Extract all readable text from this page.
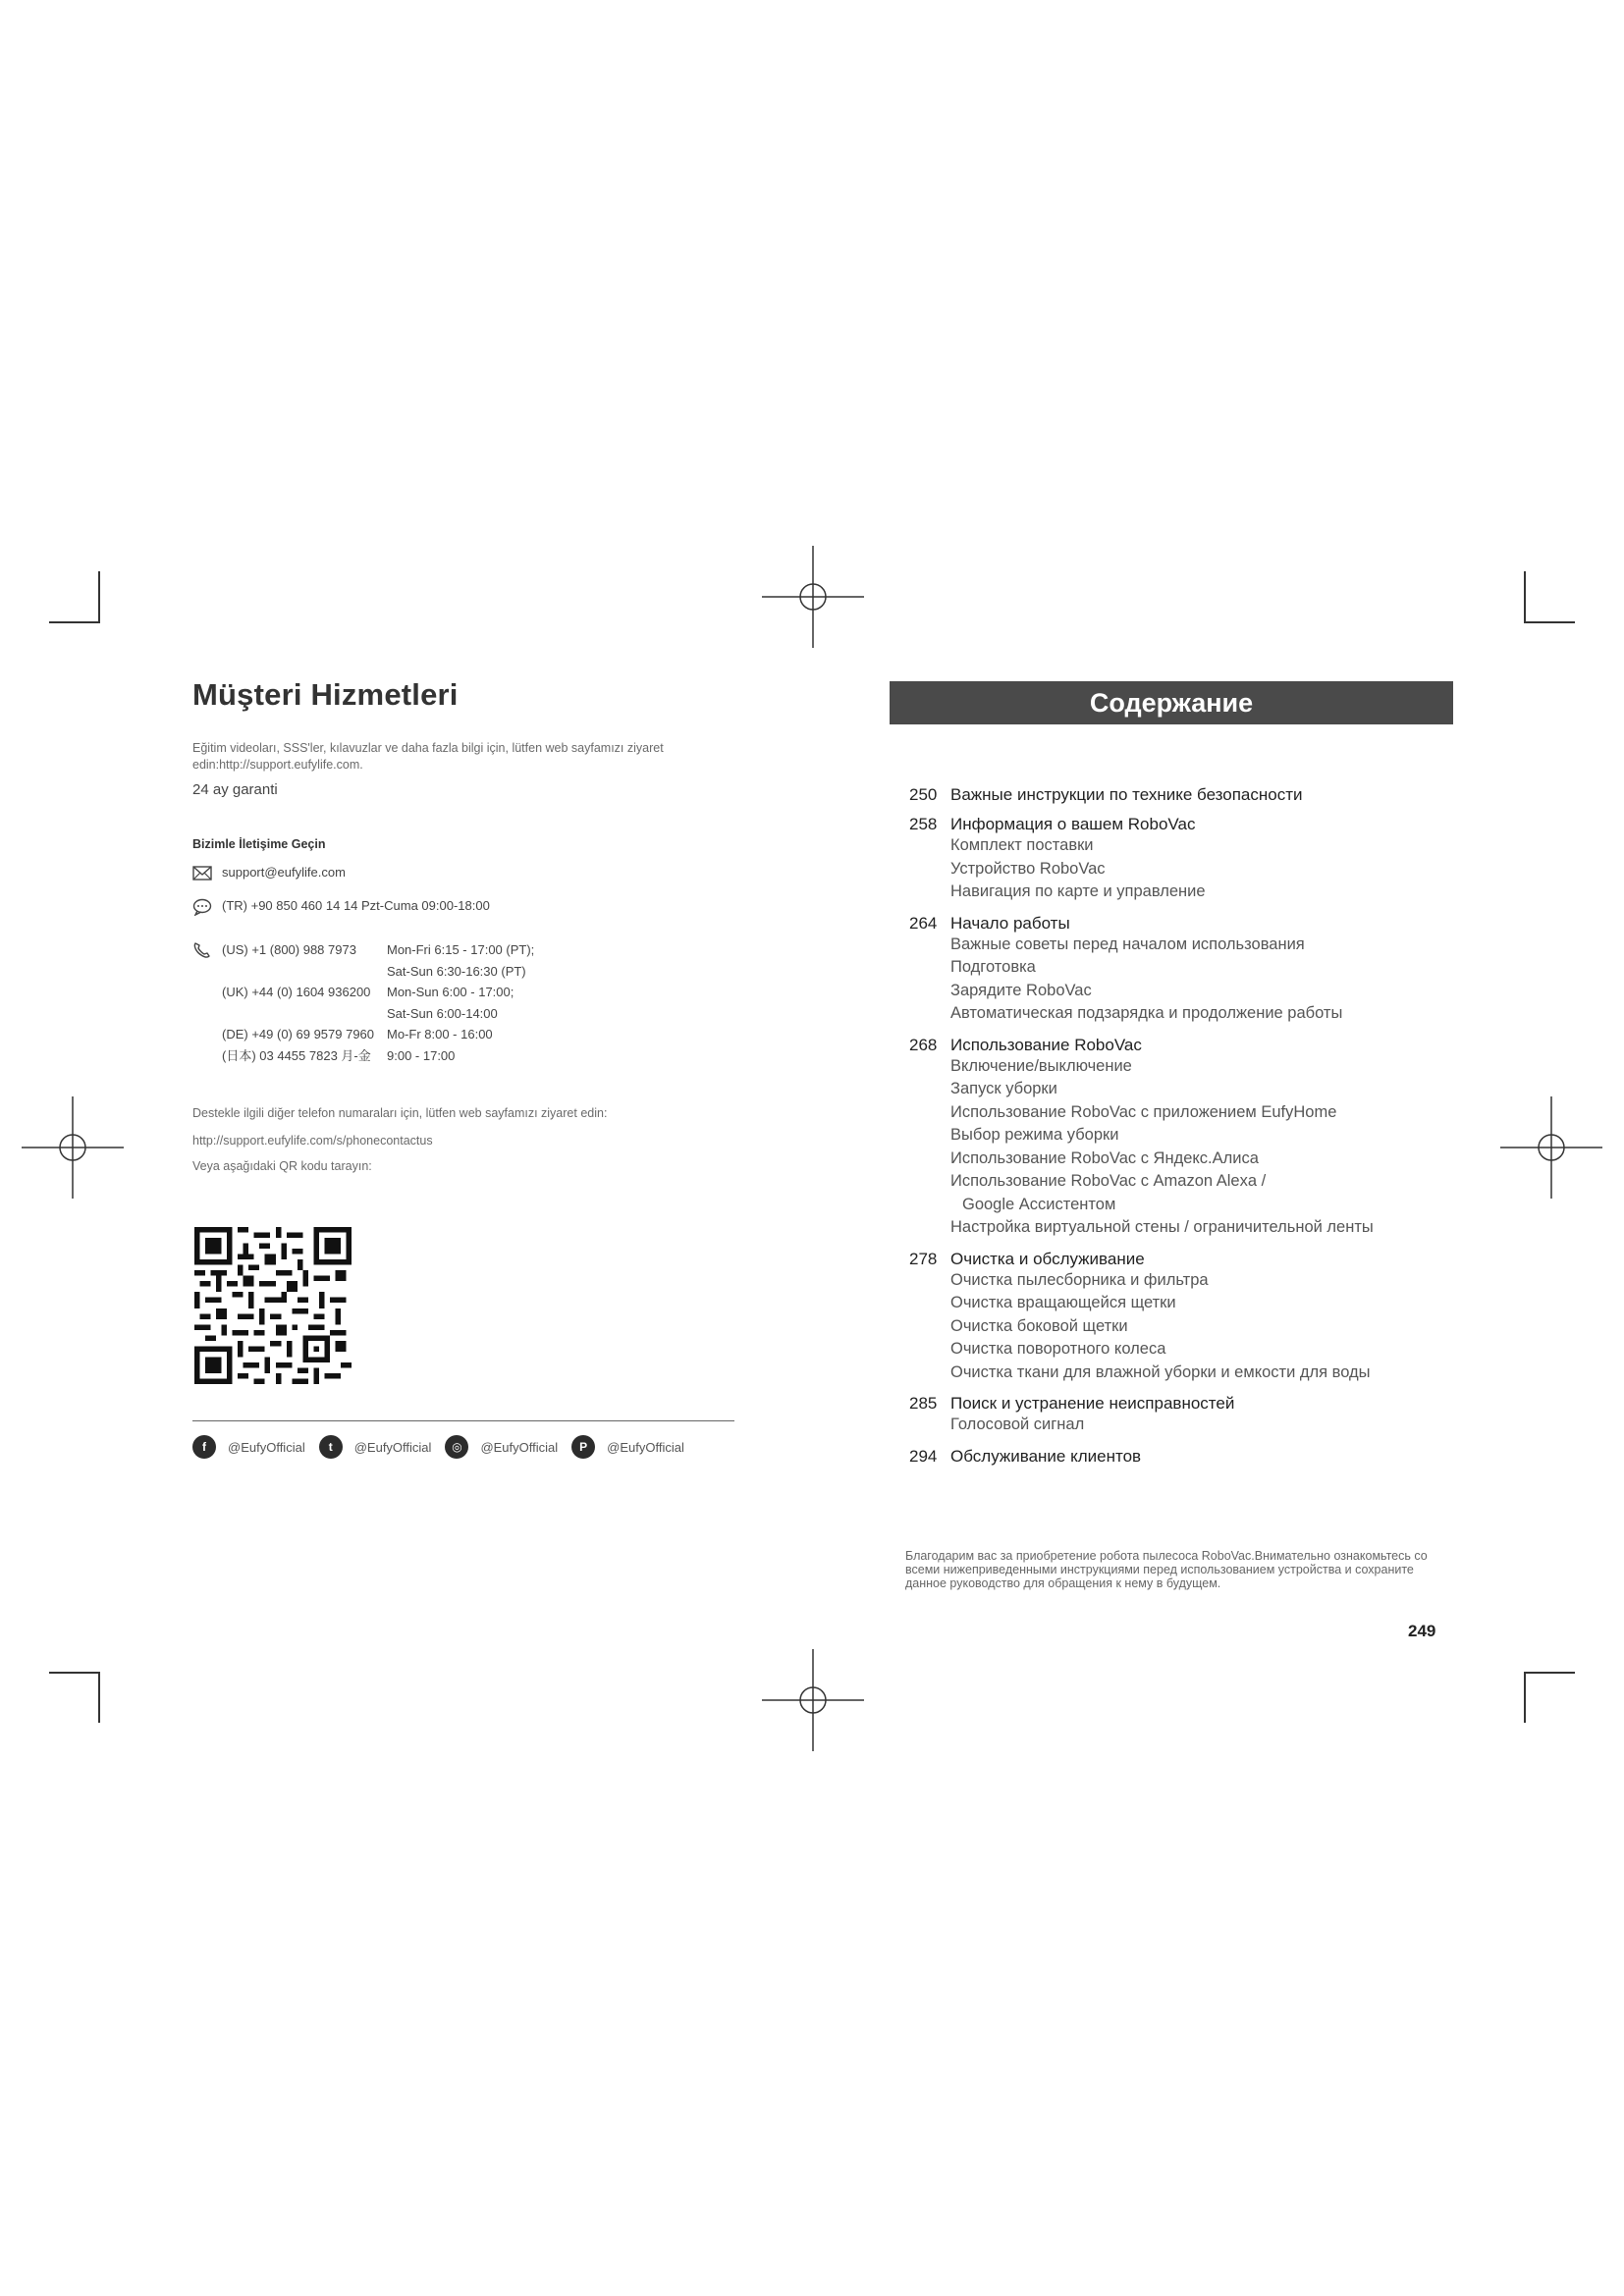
Müşteri Hizmetleri
Eğitim videoları, SSS'ler, kılavuzlar ve daha fazla bilgi için, lütfen web sayfamızı ziyaret edin:http://support.eufylife.com.
24 ay garanti
Bizimle İletişime Geçin
support@eufylife.com
(TR) +90 850 460 14 14 Pzt-Cuma 09:00-18:00
(US) +1 (800) 988 7973	Mon-Fri 6:15 - 17:00 (PT);
Sat-Sun 6:30-16:30 (PT)
(UK) +44 (0) 1604 936200	Mon-Sun 6:00 - 17:00;
Sat-Sun 6:00-14:00
(DE) +49 (0) 69 9579 7960 Mo-Fr 8:00 - 16:00
(日本) 03 4455 7823 月-金	9:00 - 17:00
Destekle ilgili diğer telefon numaraları için, lütfen web sayfamızı ziyaret edin:
http://support.eufylife.com/s/phonecontactus
Veya aşağıdaki QR kodu tarayın:
f	@EufyOfficial	t	@EufyOfficial	◎	@EufyOfficial	P	@EufyOfficial
Содержание
250 Важные инструкции по технике безопасности
258 Информация о вашем RoboVac
Комплект поставки
Устройство RoboVac
Навигация по карте и управление
264 Начало работы
Важные советы перед началом использования
Подготовка
Зарядите RoboVac
Автоматическая подзарядка и продолжение работы
268 Использование RoboVac
Включение/выключение
Запуск уборки
Использование RoboVac с приложением EufyHome
Выбор режима уборки
Использование RoboVac с Яндекс.Алиса
Использование RoboVac с Amazon Alexa /
Google Ассистентом
Настройка виртуальной стены / ограничительной ленты
278 Очистка и обслуживание
Очистка пылесборника и фильтра
Очистка вращающейся щетки
Очистка боковой щетки
Очистка поворотного колеса
Очистка ткани для влажной уборки и емкости для воды
285 Поиск и устранение неисправностей
Голосовой сигнал
294 Обслуживание клиентов
Благодарим вас за приобретение робота пылесоса RoboVac.Внимательно ознакомьтесь со всеми нижеприведенными инструкциями перед использованием устройства и сохраните данное руководство для обращения к нему в будущем.
249
